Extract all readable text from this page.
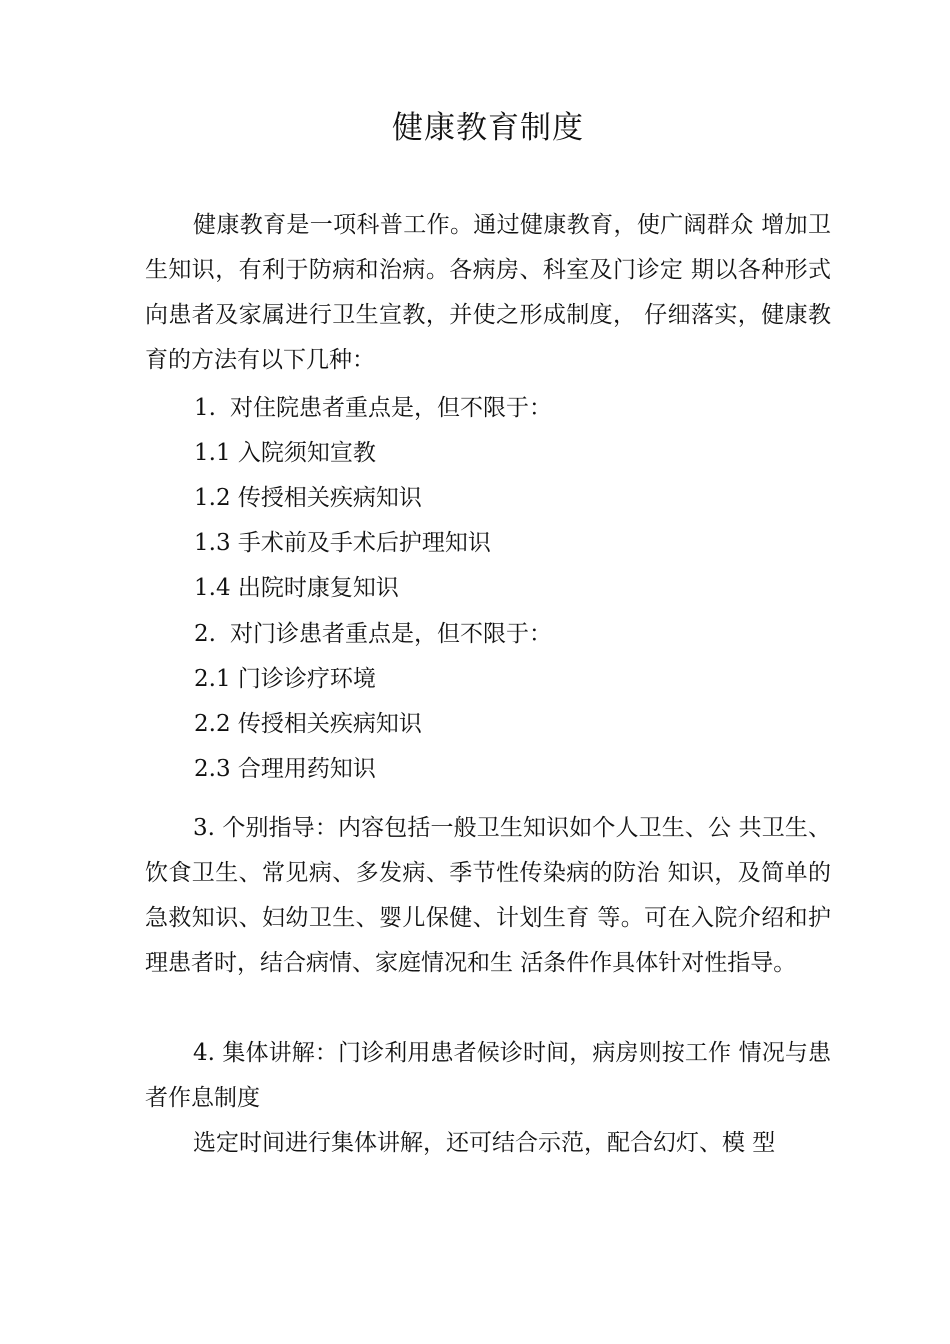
健康教育制度

健康教育是一项科普工作。通过健康教育，使广阔群众 增加卫生知识，有利于防病和治病。各病房、科室及门诊定 期以各种形式向患者及家属进行卫生宣教，并使之形成制度， 仔细落实，健康教育的方法有以下几种：

1. 对住院患者重点是，但不限于：

1.1 入院须知宣教

1.2 传授相关疾病知识

1.3 手术前及手术后护理知识

1.4 出院时康复知识

2. 对门诊患者重点是，但不限于：

2.1 门诊诊疗环境

2.2 传授相关疾病知识

2.3 合理用药知识

3. 个别指导：内容包括一般卫生知识如个人卫生、公 共卫生、饮食卫生、常见病、多发病、季节性传染病的防治 知识，及简单的急救知识、妇幼卫生、婴儿保健、计划生育 等。可在入院介绍和护理患者时，结合病情、家庭情况和生 活条件作具体针对性指导。

4. 集体讲解：门诊利用患者候诊时间，病房则按工作 情况与患者作息制度

选定时间进行集体讲解，还可结合示范，配合幻灯、模 型
